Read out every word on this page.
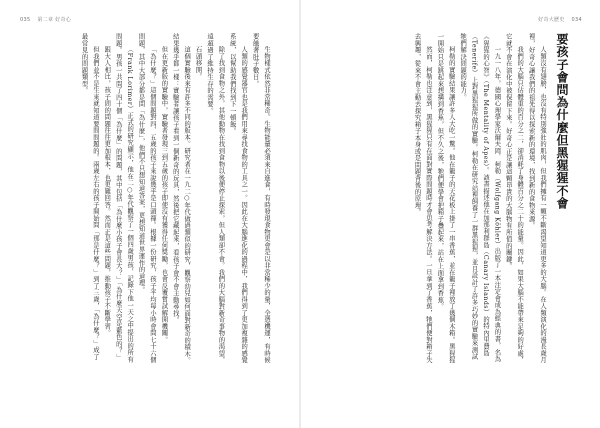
035 第二章 好奇心

生物樣式依然非常稀奇。生物能量必須來自進食，有時發現食物更會是以非常稀少的量，全憑機運，有時候要餓著肚子數日。

人類的感覺器官也是我們用來尋找食物的工具之一。因此在大腦進化的過程中，我們得到了更加複雜的感覺系統，以幫助我們找到下一頓飯。

除了找到食物之外，其他動物在找到食物以後便停止探索，但人類卻不會。我們的大腦對新奇事物的渴望，遠超過了維持生存的需要。

石頭移開。

這個實驗後來有許多不同的版本。研究者在一九二○年代做過類似的研究，觀察幼兒如何面對新奇的積木。結果幾乎都一樣：實驗者讓孩子看到一個新奇的玩具，然後把它藏起來，看孩子會不會主動尋找。

但在更新版的實驗中，實驗者發現三到五歲的孩子即使沒有獲得任何獎勵，也會反覆嘗試解開機關。

「為什麼？」這個問題對四、五歲的孩子來說幾乎是口頭禪。根據一份研究，孩子平均每小時會問七十六個問題，其中大部分都是問「為什麼」，他們不只想知道答案，更想知道世界運作的道理。

（Frank Lorimer）正式的研究顯示，他在二○年代觀察了一個四歲男孩，記錄下他一天之中提出的所有問題。男孩一共問了四十個「為什麼」的問題，其中包括「為什麼小孩子會長大？」「為什麼天空是藍色的？」

跟大人相比，孩子問的問題往往更加根本，也更難回答。然而正是這些問題，推動孩子不斷學習。

但我們並不是生來就知道要問問題的。兩歲左右的孩子開始問「那是什麼？」到了三歲，「為什麼？」成了最常見的問題類型。

好奇大歷史 034

人類沒有翅膀，也沒有特別強壯的肌肉，但我們擁有一顆不斷渴望知道更多的大腦。在人類演化的漫長歲月裡，好奇心讓我們的祖先得以探索新的環境，找到新的食物來源。

我們的大腦只佔體重的百分之二，卻消耗了身體百分之二十的能量。因此，如果大腦不能帶來足夠的好處，它就不會在演化中被保留下來。好奇心正是讓這顆昂貴的大腦物有所值的關鍵。

一九一八年，德國心理學家沃爾夫岡．柯勒（Wolfgang Köhler）出版了一本注定會成為經典的書，名為《猩猩的心智》（The Mentality of Apes）。該書描述他在加那利群島（Canary Islands）的特內里費島（Tenerife）上對黑猩猩所做的實驗。柯勒在研究站裡飼養了一群黑猩猩，並且設計了許多巧妙的實驗來測試牠們解決問題的能力。

柯勒的實驗結果讓許多人大吃一驚。他在籠子的天花板上掛了一串香蕉，並在籠子裡放了幾個木箱。黑猩猩一開始只是跳起來想搆到香蕉，但不久之後，牠們便學會把箱子疊起來，站在上面拿到香蕉。

然而，柯勒也注意到，黑猩猩只有在面對實際問題時才會思考解決方法。一旦拿到了香蕉，牠們便對箱子失去興趣，從來不會主動去探究箱子本身或是問題背後的原理。	要孩子會問為什麼但黑猩猩不會
